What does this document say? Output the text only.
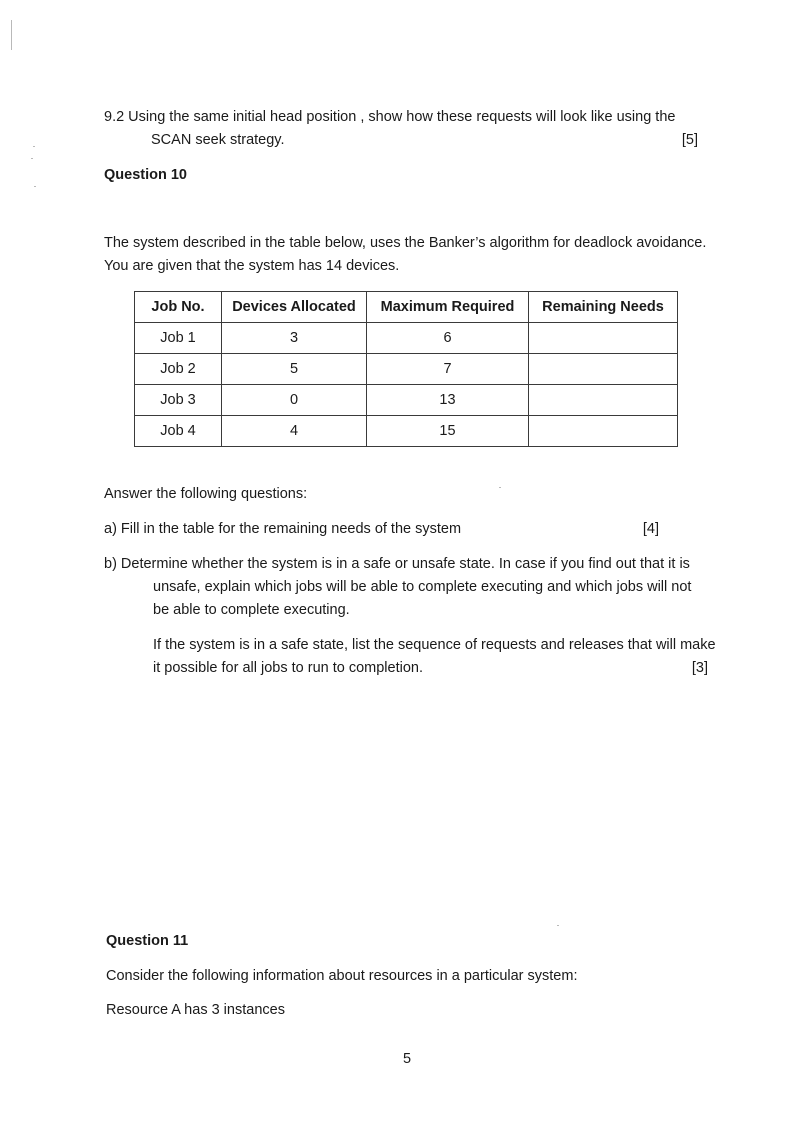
9.2 Using the same initial head position , show how these requests will look like using the
SCAN seek strategy.	[5]
Question 10
The system described in the table below, uses the Banker’s algorithm for deadlock avoidance.
You are given that the system has 14 devices.
Job No.	Devices Allocated	Maximum Required	Remaining Needs
Job 1	3	6	
Job 2	5	7	
Job 3	0	13	
Job 4	4	15	
Answer the following questions:
a) Fill in the table for the remaining needs of the system	[4]
b) Determine whether the system is in a safe or unsafe state. In case if you find out that it is
unsafe, explain which jobs will be able to complete executing and which jobs will not
be able to complete executing.
If the system is in a safe state, list the sequence of requests and releases that will make
it possible for all jobs to run to completion.	[3]
Question 11
Consider the following information about resources in a particular system:
Resource A has 3 instances
5
